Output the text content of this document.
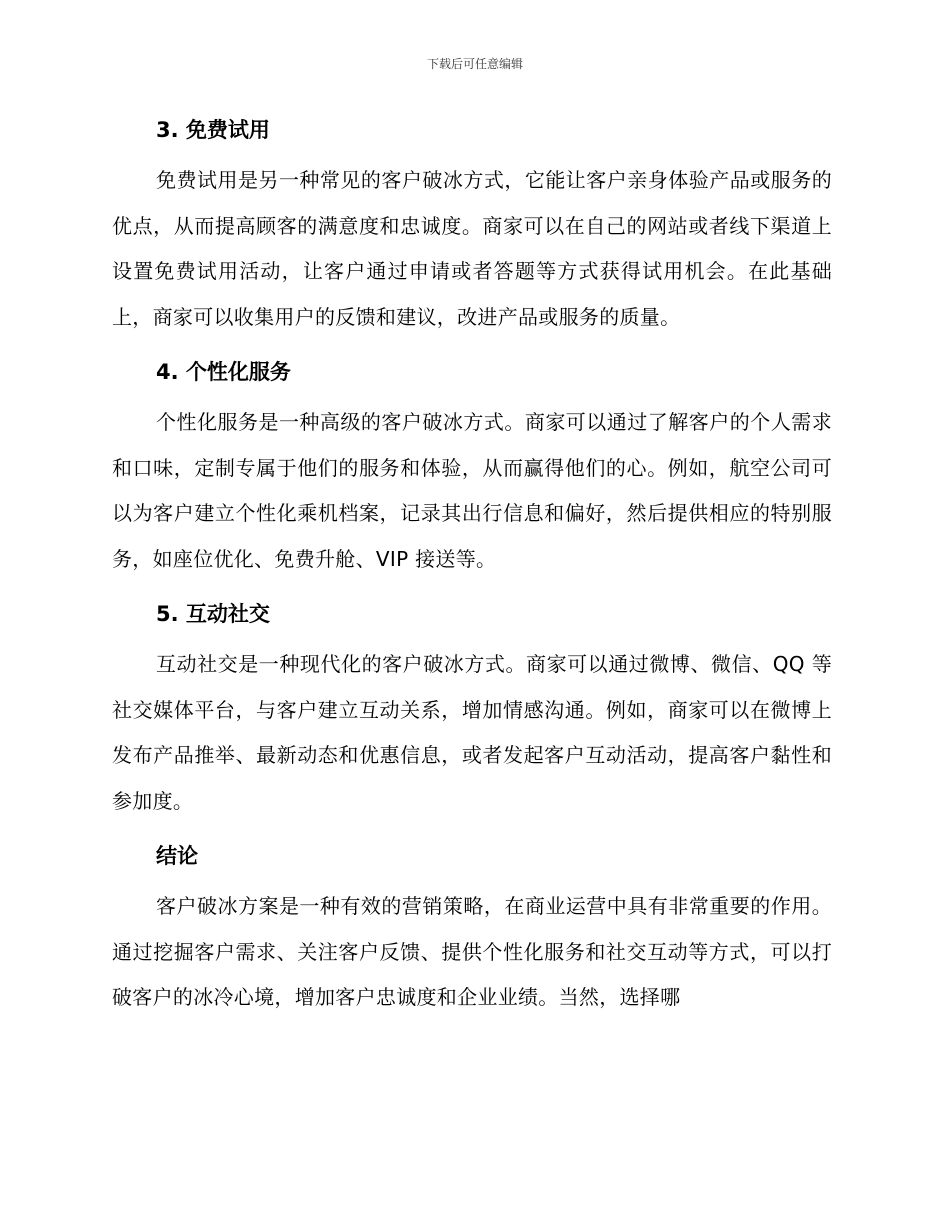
下载后可任意编辑
3. 免费试用

免费试用是另一种常见的客户破冰方式，它能让客户亲身体验产品或服务的优点，从而提高顾客的满意度和忠诚度。商家可以在自己的网站或者线下渠道上设置免费试用活动，让客户通过申请或者答题等方式获得试用机会。在此基础上，商家可以收集用户的反馈和建议，改进产品或服务的质量。

4. 个性化服务

个性化服务是一种高级的客户破冰方式。商家可以通过了解客户的个人需求和口味，定制专属于他们的服务和体验，从而赢得他们的心。例如，航空公司可以为客户建立个性化乘机档案，记录其出行信息和偏好，然后提供相应的特别服务，如座位优化、免费升舱、VIP 接送等。

5. 互动社交

互动社交是一种现代化的客户破冰方式。商家可以通过微博、微信、QQ 等社交媒体平台，与客户建立互动关系，增加情感沟通。例如，商家可以在微博上发布产品推举、最新动态和优惠信息，或者发起客户互动活动，提高客户黏性和参加度。

结论

客户破冰方案是一种有效的营销策略，在商业运营中具有非常重要的作用。通过挖掘客户需求、关注客户反馈、提供个性化服务和社交互动等方式，可以打破客户的冰冷心境，增加客户忠诚度和企业业绩。当然，选择哪
